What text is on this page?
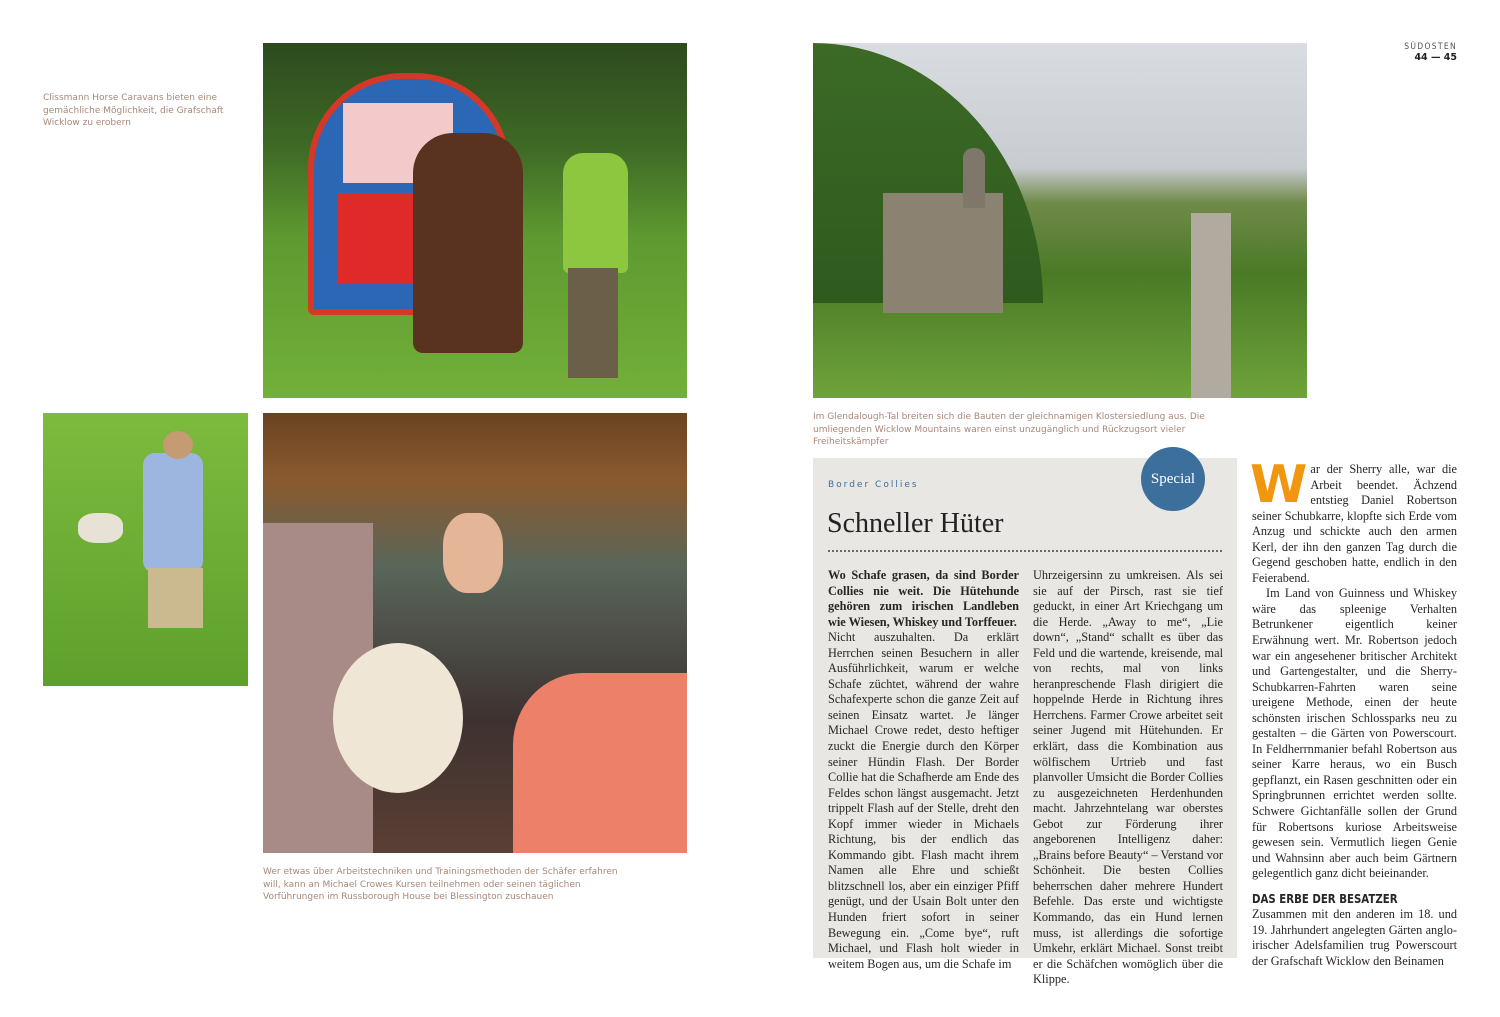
SÜDOSTEN
44 — 45
Clissmann Horse Caravans bieten eine gemächliche Möglichkeit, die Grafschaft Wicklow zu erobern
Wer etwas über Arbeitstechniken und Trainingsmethoden der Schäfer erfahren will, kann an Michael Crowes Kursen teilnehmen oder seinen täglichen Vorführungen im Russborough House bei Blessington zuschauen
Im Glendalough-Tal breiten sich die Bauten der gleichnamigen Klostersiedlung aus. Die umliegenden Wicklow Mountains waren einst unzugänglich und Rückzugsort vieler Freiheitskämpfer
Special
Border Collies
Schneller Hüter

Wo Schafe grasen, da sind Border Collies nie weit. Die Hütehunde gehören zum irischen Landleben wie Wiesen, Whiskey und Torffeuer.

Nicht auszuhalten. Da erklärt Herrchen seinen Besuchern in aller Ausführlichkeit, warum er welche Schafe züchtet, während der wahre Schafexperte schon die ganze Zeit auf seinen Einsatz wartet. Je länger Michael Crowe redet, desto heftiger zuckt die Energie durch den Körper seiner Hündin Flash. Der Border Collie hat die Schafherde am Ende des Feldes schon längst ausgemacht. Jetzt trippelt Flash auf der Stelle, dreht den Kopf immer wieder in Michaels Richtung, bis der endlich das Kommando gibt. Flash macht ihrem Namen alle Ehre und schießt blitzschnell los, aber ein einziger Pfiff genügt, und der Usain Bolt unter den Hunden friert sofort in seiner Bewegung ein. „Come bye“, ruft Michael, und Flash holt wieder in weitem Bogen aus, um die Schafe im

Uhrzeigersinn zu umkreisen. Als sei sie auf der Pirsch, rast sie tief geduckt, in einer Art Kriechgang um die Herde. „Away to me“, „Lie down“, „Stand“ schallt es über das Feld und die wartende, kreisende, mal von rechts, mal von links heranpreschende Flash dirigiert die hoppelnde Herde in Richtung ihres Herrchens. Farmer Crowe arbeitet seit seiner Jugend mit Hütehunden. Er erklärt, dass die Kombination aus wölfischem Urtrieb und fast planvoller Umsicht die Border Collies zu ausgezeichneten Herdenhunden macht. Jahrzehntelang war oberstes Gebot zur Förderung ihrer angeborenen Intelligenz daher: „Brains before Beauty“ – Verstand vor Schönheit. Die besten Collies beherrschen daher mehrere Hundert Befehle. Das erste und wichtigste Kommando, das ein Hund lernen muss, ist allerdings die sofortige Umkehr, erklärt Michael. Sonst treibt er die Schäfchen womöglich über die Klippe.

W ar der Sherry alle, war die Arbeit beendet. Ächzend entstieg Daniel Robertson seiner Schubkarre, klopfte sich Erde vom Anzug und schickte auch den armen Kerl, der ihn den ganzen Tag durch die Gegend geschoben hatte, endlich in den Feierabend.

Im Land von Guinness und Whiskey wäre das spleenige Verhalten Betrunkener eigentlich keiner Erwähnung wert. Mr. Robertson jedoch war ein angesehener britischer Architekt und Gartengestalter, und die Sherry-Schubkarren-Fahrten waren seine ureigene Methode, einen der heute schönsten irischen Schlossparks neu zu gestalten – die Gärten von Powerscourt. In Feldherrnmanier befahl Robertson aus seiner Karre heraus, wo ein Busch gepflanzt, ein Rasen geschnitten oder ein Springbrunnen errichtet werden sollte. Schwere Gichtanfälle sollen der Grund für Robertsons kuriose Arbeitsweise gewesen sein. Vermutlich liegen Genie und Wahnsinn aber auch beim Gärtnern gelegentlich ganz dicht beieinander.

DAS ERBE DER BESATZER

Zusammen mit den anderen im 18. und 19. Jahrhundert angelegten Gärten anglo-irischer Adelsfamilien trug Powerscourt der Grafschaft Wicklow den Beinamen
